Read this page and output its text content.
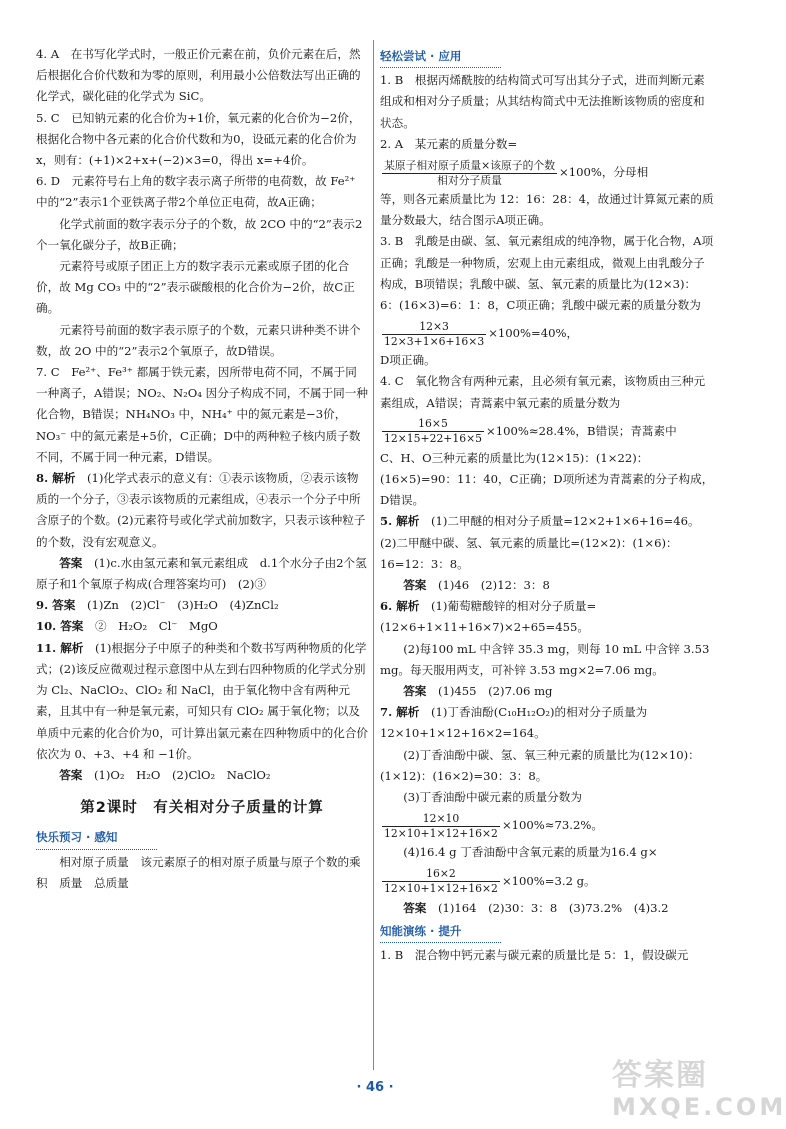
4. A　在书写化学式时，一般正价元素在前，负价元素在后，然后根据化合价代数和为零的原则，利用最小公倍数法写出正确的化学式，碳化硅的化学式为 SiC。

5. C　已知钠元素的化合价为+1价，氧元素的化合价为−2价，根据化合物中各元素的化合价代数和为0，设砥元素的化合价为 x，则有：(+1)×2+x+(−2)×3=0，得出 x=+4价。

6. D　元素符号右上角的数字表示离子所带的电荷数，故 Fe²⁺ 中的“2”表示1个亚铁离子带2个单位正电荷，故A正确；

化学式前面的数字表示分子的个数，故 2CO 中的“2”表示2个一氧化碳分子，故B正确；

元素符号或原子团正上方的数字表示元素或原子团的化合价，故 Mg CO₃ 中的“2”表示碳酸根的化合价为−2价，故C正确。

元素符号前面的数字表示原子的个数，元素只讲种类不讲个数，故 2O 中的“2”表示2个氧原子，故D错误。

7. C　Fe²⁺、Fe³⁺ 都属于铁元素，因所带电荷不同，不属于同一种离子，A错误；NO₂、N₂O₄ 因分子构成不同，不属于同一种化合物，B错误；NH₄NO₃ 中，NH₄⁺ 中的氮元素是−3价，NO₃⁻ 中的氮元素是+5价，C正确；D中的两种粒子核内质子数不同，不属于同一种元素，D错误。

8. 解析　 (1)化学式表示的意义有：①表示该物质，②表示该物质的一个分子，③表示该物质的元素组成，④表示一个分子中所含原子的个数。(2)元素符号或化学式前加数字，只表示该种粒子的个数，没有宏观意义。

答案　 (1)c.水由氢元素和氧元素组成　d.1个水分子由2个氢原子和1个氧原子构成(合理答案均可)　(2)③

9. 答案　 (1)Zn　(2)Cl⁻　(3)H₂O　(4)ZnCl₂

10. 答案　 ②　H₂O₂　Cl⁻　MgO

11. 解析　 (1)根据分子中原子的种类和个数书写两种物质的化学式；(2)该反应微观过程示意图中从左到右四种物质的化学式分别为 Cl₂、NaClO₂、ClO₂ 和 NaCl，由于氧化物中含有两种元素，且其中有一种是氧元素，可知只有 ClO₂ 属于氧化物；以及单质中元素的化合价为0，可计算出氯元素在四种物质中的化合价依次为 0、+3、+4 和 −1价。

答案　 (1)O₂　H₂O　(2)ClO₂　NaClO₂

第2课时　有关相对分子质量的计算
快乐预习 · 感知

相对原子质量　该元素原子的相对原子质量与原子个数的乘积　质量　总质量

轻松尝试 · 应用

1. B　根据丙烯酰胺的结构简式可写出其分子式，进而判断元素组成和相对分子质量；从其结构简式中无法推断该物质的密度和状态。

2. A　某元素的质量分数=

$\frac{\text{某原子相对原子质量×该原子的个数}}{\text{相对分子质量}} \times 100\%$，分母相

等，则各元素质量比为 12：16：28：4，故通过计算氮元素的质量分数最大，结合图示A项正确。

3. B　乳酸是由碳、氢、氧元素组成的纯净物，属于化合物，A项正确；乳酸是一种物质，宏观上由元素组成，微观上由乳酸分子构成，B项错误；乳酸中碳、氢、氧元素的质量比为(12×3)：6：(16×3)=6：1：8，C项正确；乳酸中碳元素的质量分数为

$\frac{12\times 3}{12\times 3+1\times 6+16\times 3} \times 100\%=40\%$，

D项正确。

4. C　氧化物含有两种元素，且必须有氧元素，该物质由三种元素组成，A错误；青蒿素中氧元素的质量分数为

$\frac{16\times 5}{12\times 15+22+16\times 5} \times 100\%\approx 28.4\%$，B错误；青蒿素中

C、H、O三种元素的质量比为(12×15)：(1×22)：(16×5)=90：11：40，C正确；D项所述为青蒿素的分子构成，D错误。

5. 解析　 (1)二甲醚的相对分子质量=12×2+1×6+16=46。(2)二甲醚中碳、氢、氧元素的质量比=(12×2)：(1×6)：16=12：3：8。

答案　 (1)46　(2)12：3：8

6. 解析　 (1)葡萄糖酸锌的相对分子质量=(12×6+1×11+16×7)×2+65=455。

(2)每100 mL 中含锌 35.3 mg，则每 10 mL 中含锌 3.53 mg。每天服用两支，可补锌 3.53 mg×2=7.06 mg。

答案　 (1)455　(2)7.06 mg

7. 解析　 (1)丁香油酚(C₁₀H₁₂O₂)的相对分子质量为12×10+1×12+16×2=164。

(2)丁香油酚中碳、氢、氧三种元素的质量比为(12×10)：(1×12)：(16×2)=30：3：8。

(3)丁香油酚中碳元素的质量分数为

$\frac{12\times 10}{12\times 10+1\times 12+16\times 2} \times 100\%\approx 73.2\%$。

(4)16.4 g 丁香油酚中含氧元素的质量为16.4 g×

$\frac{16\times 2}{12\times 10+1\times 12+16\times 2} \times 100\%=3.2$ g。

答案　 (1)164　(2)30：3：8　(3)73.2%　(4)3.2

知能演练 · 提升

1. B　混合物中钙元素与碳元素的质量比是 5：1，假设碳元

· 46 ·	答案圈
MXQE.COM
